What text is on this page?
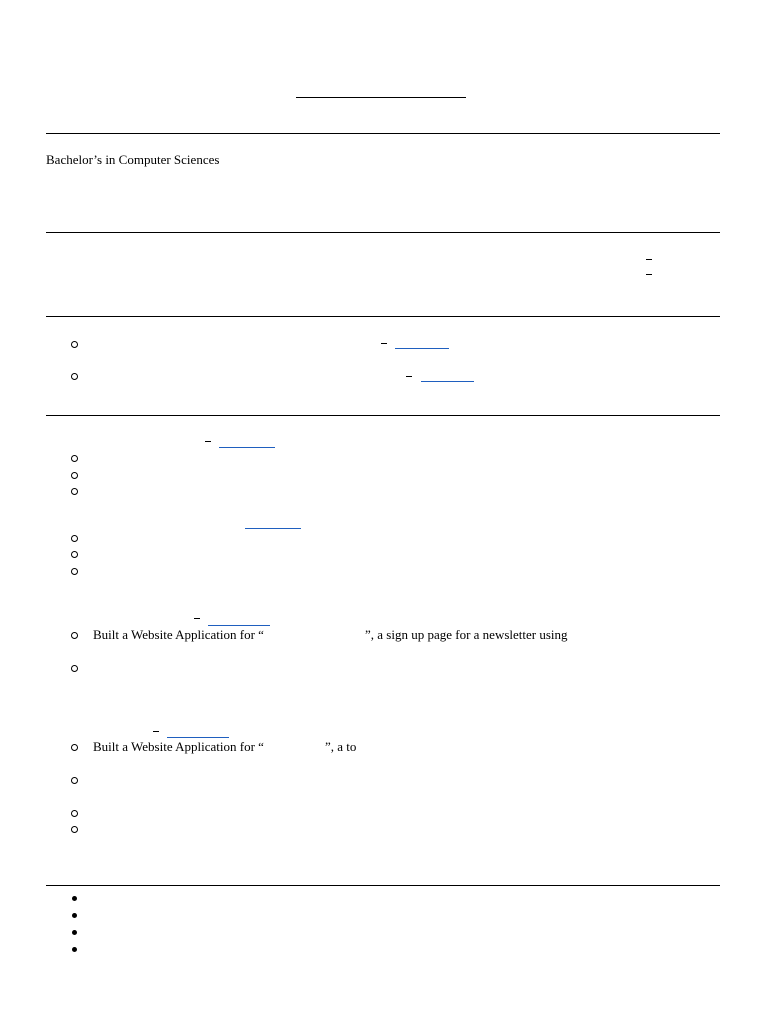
Bachelor’s in Computer Sciences
Built a Website Application for “	”, a sign up page for a newsletter using
Built a Website Application for “	”, a to
